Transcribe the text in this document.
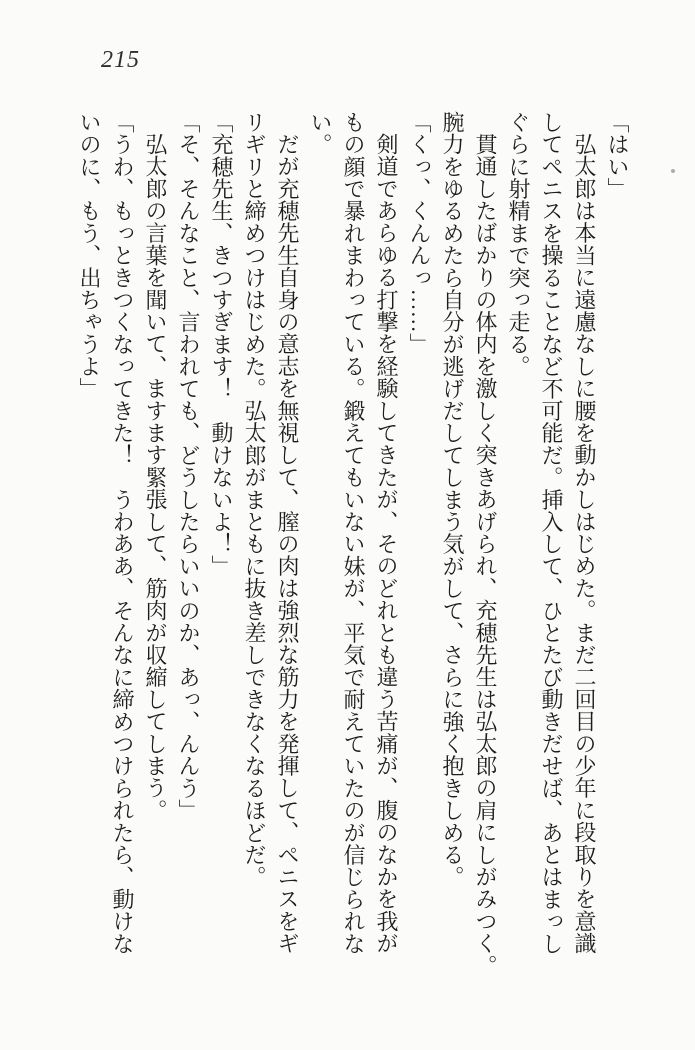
215
「はい」
弘太郎は本当に遠慮なしに腰を動かしはじめた。まだ二回目の少年に段取りを意識
してペニスを操ることなど不可能だ。挿入して、ひとたび動きだせば、あとはまっし
ぐらに射精まで突っ走る。
貫通したばかりの体内を激しく突きあげられ、充穂先生は弘太郎の肩にしがみつく。
腕力をゆるめたら自分が逃げだしてしまう気がして、さらに強く抱きしめる。
「くっ、くんんっ……」
剣道であらゆる打撃を経験してきたが、そのどれとも違う苦痛が、腹のなかを我が
もの顔で暴れまわっている。鍛えてもいない妹が、平気で耐えていたのが信じられな
い。
だが充穂先生自身の意志を無視して、膣の肉は強烈な筋力を発揮して、ペニスをギ
リギリと締めつけはじめた。弘太郎がまともに抜き差しできなくなるほどだ。
「充穂先生、きつすぎます！　動けないよ！」
「そ、そんなこと、言われても、どうしたらいいのか、あっ、んんう」
弘太郎の言葉を聞いて、ますます緊張して、筋肉が収縮してしまう。
「うわ、もっときつくなってきた！　うわああ、そんなに締めつけられたら、動けな
いのに、もう、出ちゃうよ」
